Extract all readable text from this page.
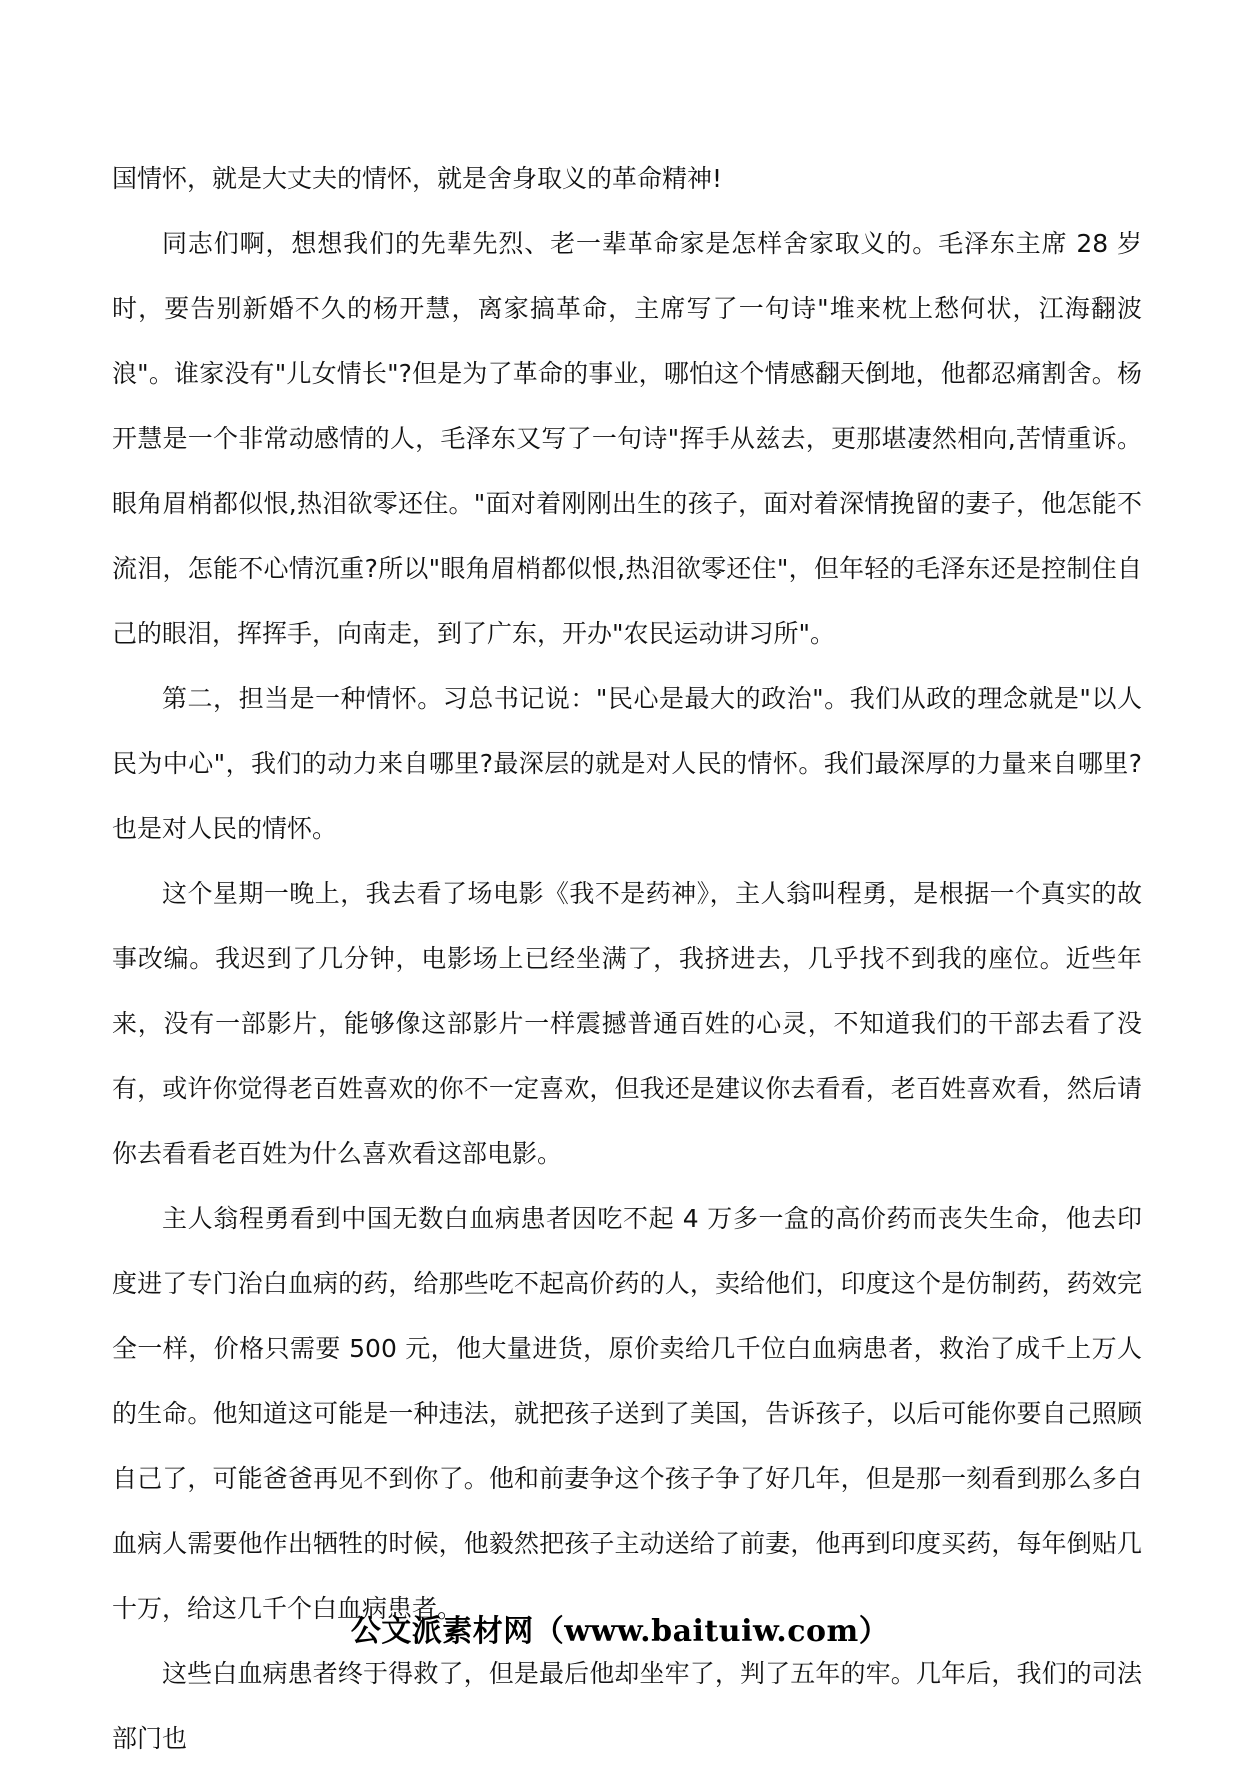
国情怀，就是大丈夫的情怀，就是舍身取义的革命精神!

同志们啊，想想我们的先辈先烈、老一辈革命家是怎样舍家取义的。毛泽东主席 28 岁时，要告别新婚不久的杨开慧，离家搞革命，主席写了一句诗"堆来枕上愁何状，江海翻波浪"。谁家没有"儿女情长"?但是为了革命的事业，哪怕这个情感翻天倒地，他都忍痛割舍。杨开慧是一个非常动感情的人，毛泽东又写了一句诗"挥手从兹去，更那堪凄然相向,苦情重诉。眼角眉梢都似恨,热泪欲零还住。"面对着刚刚出生的孩子，面对着深情挽留的妻子，他怎能不流泪，怎能不心情沉重?所以"眼角眉梢都似恨,热泪欲零还住"，但年轻的毛泽东还是控制住自己的眼泪，挥挥手，向南走，到了广东，开办"农民运动讲习所"。

第二，担当是一种情怀。习总书记说："民心是最大的政治"。我们从政的理念就是"以人民为中心"，我们的动力来自哪里?最深层的就是对人民的情怀。我们最深厚的力量来自哪里?也是对人民的情怀。

这个星期一晚上，我去看了场电影《我不是药神》，主人翁叫程勇，是根据一个真实的故事改编。我迟到了几分钟，电影场上已经坐满了，我挤进去，几乎找不到我的座位。近些年来，没有一部影片，能够像这部影片一样震撼普通百姓的心灵，不知道我们的干部去看了没有，或许你觉得老百姓喜欢的你不一定喜欢，但我还是建议你去看看，老百姓喜欢看，然后请你去看看老百姓为什么喜欢看这部电影。

主人翁程勇看到中国无数白血病患者因吃不起 4 万多一盒的高价药而丧失生命，他去印度进了专门治白血病的药，给那些吃不起高价药的人，卖给他们，印度这个是仿制药，药效完全一样，价格只需要 500 元，他大量进货，原价卖给几千位白血病患者，救治了成千上万人的生命。他知道这可能是一种违法，就把孩子送到了美国，告诉孩子，以后可能你要自己照顾自己了，可能爸爸再见不到你了。他和前妻争这个孩子争了好几年，但是那一刻看到那么多白血病人需要他作出牺牲的时候，他毅然把孩子主动送给了前妻，他再到印度买药，每年倒贴几十万，给这几千个白血病患者。

这些白血病患者终于得救了，但是最后他却坐牢了，判了五年的牢。几年后，我们的司法部门也

公文派素材网（www.baituiw.com）
